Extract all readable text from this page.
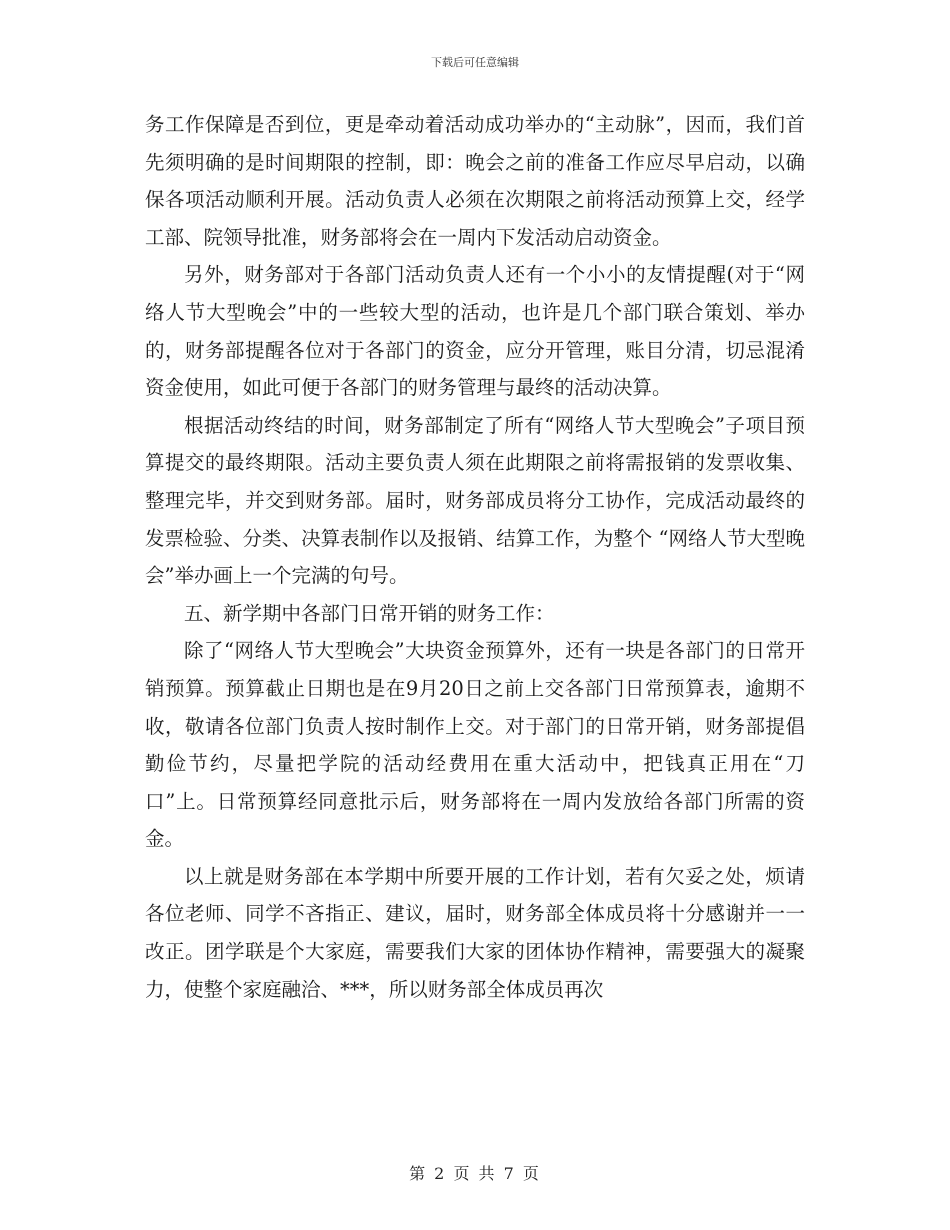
下载后可任意编辑

务工作保障是否到位，更是牵动着活动成功举办的“主动脉”，因而，我们首先须明确的是时间期限的控制，即：晚会之前的准备工作应尽早启动，以确保各项活动顺利开展。活动负责人必须在次期限之前将活动预算上交，经学工部、院领导批准，财务部将会在一周内下发活动启动资金。

另外，财务部对于各部门活动负责人还有一个小小的友情提醒(对于“网络人节大型晚会”中的一些较大型的活动，也许是几个部门联合策划、举办的，财务部提醒各位对于各部门的资金，应分开管理，账目分清，切忌混淆资金使用，如此可便于各部门的财务管理与最终的活动决算。

根据活动终结的时间，财务部制定了所有“网络人节大型晚会”子项目预算提交的最终期限。活动主要负责人须在此期限之前将需报销的发票收集、整理完毕，并交到财务部。届时，财务部成员将分工协作，完成活动最终的发票检验、分类、决算表制作以及报销、结算工作，为整个 “网络人节大型晚会”举办画上一个完满的句号。

五、新学期中各部门日常开销的财务工作：

除了“网络人节大型晚会”大块资金预算外，还有一块是各部门的日常开销预算。预算截止日期也是在9月20日之前上交各部门日常预算表，逾期不收，敬请各位部门负责人按时制作上交。对于部门的日常开销，财务部提倡勤俭节约，尽量把学院的活动经费用在重大活动中，把钱真正用在“刀口”上。日常预算经同意批示后，财务部将在一周内发放给各部门所需的资金。

以上就是财务部在本学期中所要开展的工作计划，若有欠妥之处，烦请各位老师、同学不吝指正、建议，届时，财务部全体成员将十分感谢并一一改正。团学联是个大家庭，需要我们大家的团体协作精神，需要强大的凝聚力，使整个家庭融洽、***，所以财务部全体成员再次

第 2 页 共 7 页
